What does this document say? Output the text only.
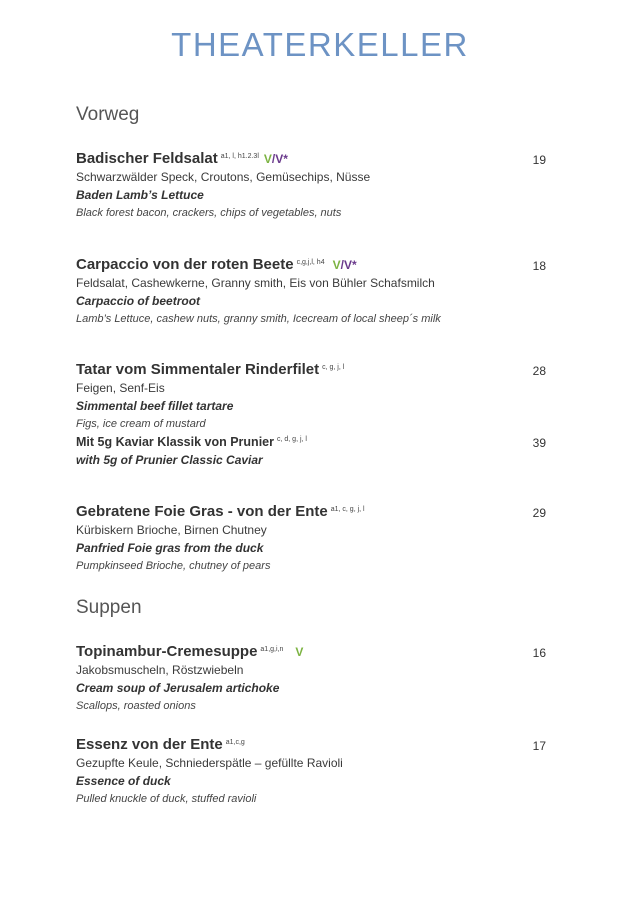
THEATERKELLER
Vorweg
Badischer Feldsalat $^{a1, l, h1.2.3l}$ V/V*
Schwarzwälder Speck, Croutons, Gemüsechips, Nüsse
Baden Lamb’s Lettuce
Black forest bacon, crackers, chips of vegetables, nuts
19
Carpaccio von der roten Beete $^{c,g,j,l, h4}$ V/V*
Feldsalat, Cashewkerne, Granny smith, Eis von Bühler Schafsmilch
Carpaccio of beetroot
Lamb’s Lettuce, cashew nuts, granny smith, Icecream of local sheep´s milk
18
Tatar vom Simmentaler Rinderfilet $^{c, g, j, l}$
Feigen, Senf-Eis
Simmental beef fillet tartare
Figs, ice cream of mustard
Mit 5g Kaviar Klassik von Prunier $^{c, d, g, j, l}$
with 5g of Prunier Classic Caviar
28
39
Gebratene Foie Gras - von der Ente $^{a1, c, g, j, l}$
Kürbiskern Brioche, Birnen Chutney
Panfried Foie gras from the duck
Pumpkinseed Brioche, chutney of pears
29
Suppen
Topinambur-Cremesuppe $^{a1,g,i,n}$ V
Jakobsmuscheln, Röstzwiebeln
Cream soup of Jerusalem artichoke
Scallops, roasted onions
16
Essenz von der Ente $^{a1,c,g}$
Gezupfte Keule, Schniederspätle – gefüllte Ravioli
Essence of duck
Pulled knuckle of duck, stuffed ravioli
17
